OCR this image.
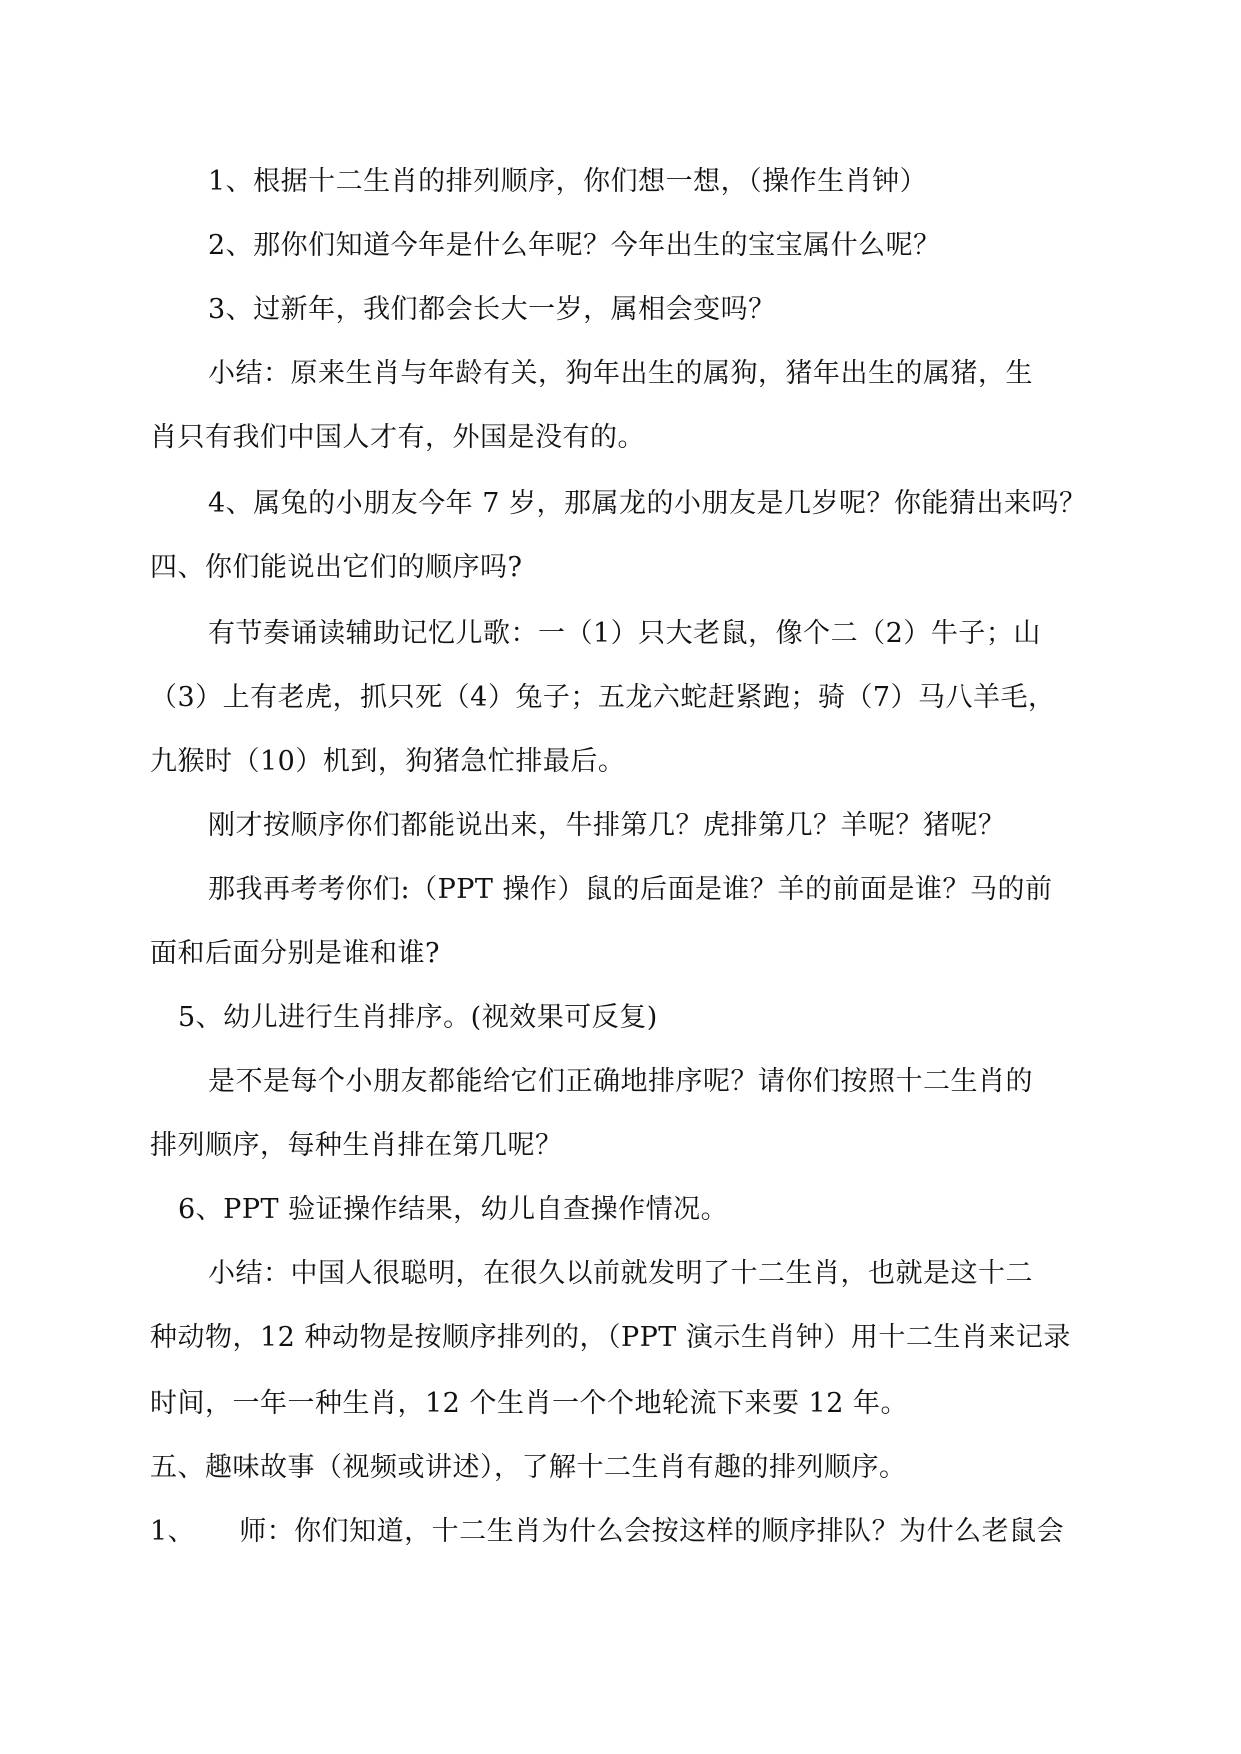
1、根据十二生肖的排列顺序，你们想一想，（操作生肖钟）
2、那你们知道今年是什么年呢？今年出生的宝宝属什么呢？
3、过新年，我们都会长大一岁，属相会变吗？
小结：原来生肖与年龄有关，狗年出生的属狗，猪年出生的属猪，生
肖只有我们中国人才有，外国是没有的。
4、属兔的小朋友今年 7 岁，那属龙的小朋友是几岁呢？你能猜出来吗？
四、你们能说出它们的顺序吗?
有节奏诵读辅助记忆儿歌：一（1）只大老鼠，像个二（2）牛子；山
（3）上有老虎，抓只死（4）兔子；五龙六蛇赶紧跑；骑（7）马八羊毛，
九猴时（10）机到，狗猪急忙排最后。
刚才按顺序你们都能说出来，牛排第几？虎排第几？羊呢？猪呢？
那我再考考你们:（PPT 操作）鼠的后面是谁？羊的前面是谁？马的前
面和后面分别是谁和谁?
5、幼儿进行生肖排序。(视效果可反复)
是不是每个小朋友都能给它们正确地排序呢？请你们按照十二生肖的
排列顺序，每种生肖排在第几呢？
6、PPT 验证操作结果，幼儿自查操作情况。
小结：中国人很聪明，在很久以前就发明了十二生肖，也就是这十二
种动物，12 种动物是按顺序排列的，（PPT 演示生肖钟）用十二生肖来记录
时间，一年一种生肖，12 个生肖一个个地轮流下来要 12 年。
五、趣味故事（视频或讲述），了解十二生肖有趣的排列顺序。
1、 师：你们知道，十二生肖为什么会按这样的顺序排队？为什么老鼠会
